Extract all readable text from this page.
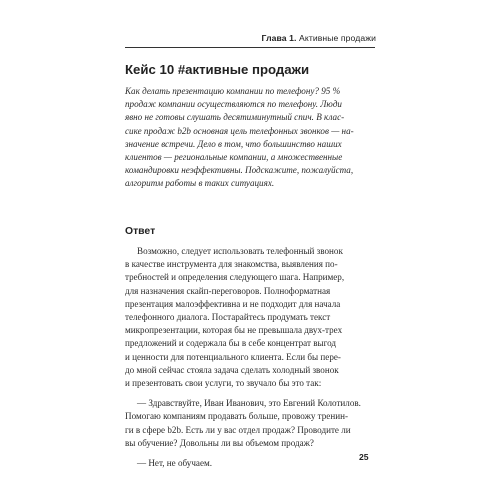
Глава 1. Активные продажи
Кейс 10 #активные продажи
Как делать презентацию компании по телефону? 95 %
продаж компании осуществляются по телефону. Люди
явно не готовы слушать десятиминутный спич. В клас-
сике продаж b2b основная цель телефонных звонков — на-
значение встречи. Дело в том, что большинство наших
клиентов — региональные компании, а множественные
командировки неэффективны. Подскажите, пожалуйста,
алгоритм работы в таких ситуациях.
Ответ
Возможно, следует использовать телефонный звонок
в качестве инструмента для знакомства, выявления по-
требностей и определения следующего шага. Например,
для назначения скайп-переговоров. Полноформатная
презентация малоэффективна и не подходит для начала
телефонного диалога. Постарайтесь продумать текст
микропрезентации, которая бы не превышала двух-трех
предложений и содержала бы в себе концентрат выгод
и ценности для потенциального клиента. Если бы пере-
до мной сейчас стояла задача сделать холодный звонок
и презентовать свои услуги, то звучало бы это так:
— Здравствуйте, Иван Иванович, это Евгений Колотилов.
Помогаю компаниям продавать больше, провожу тренин-
ги в сфере b2b. Есть ли у вас отдел продаж? Проводите ли
вы обучение? Довольны ли вы объемом продаж?
— Нет, не обучаем.
25
